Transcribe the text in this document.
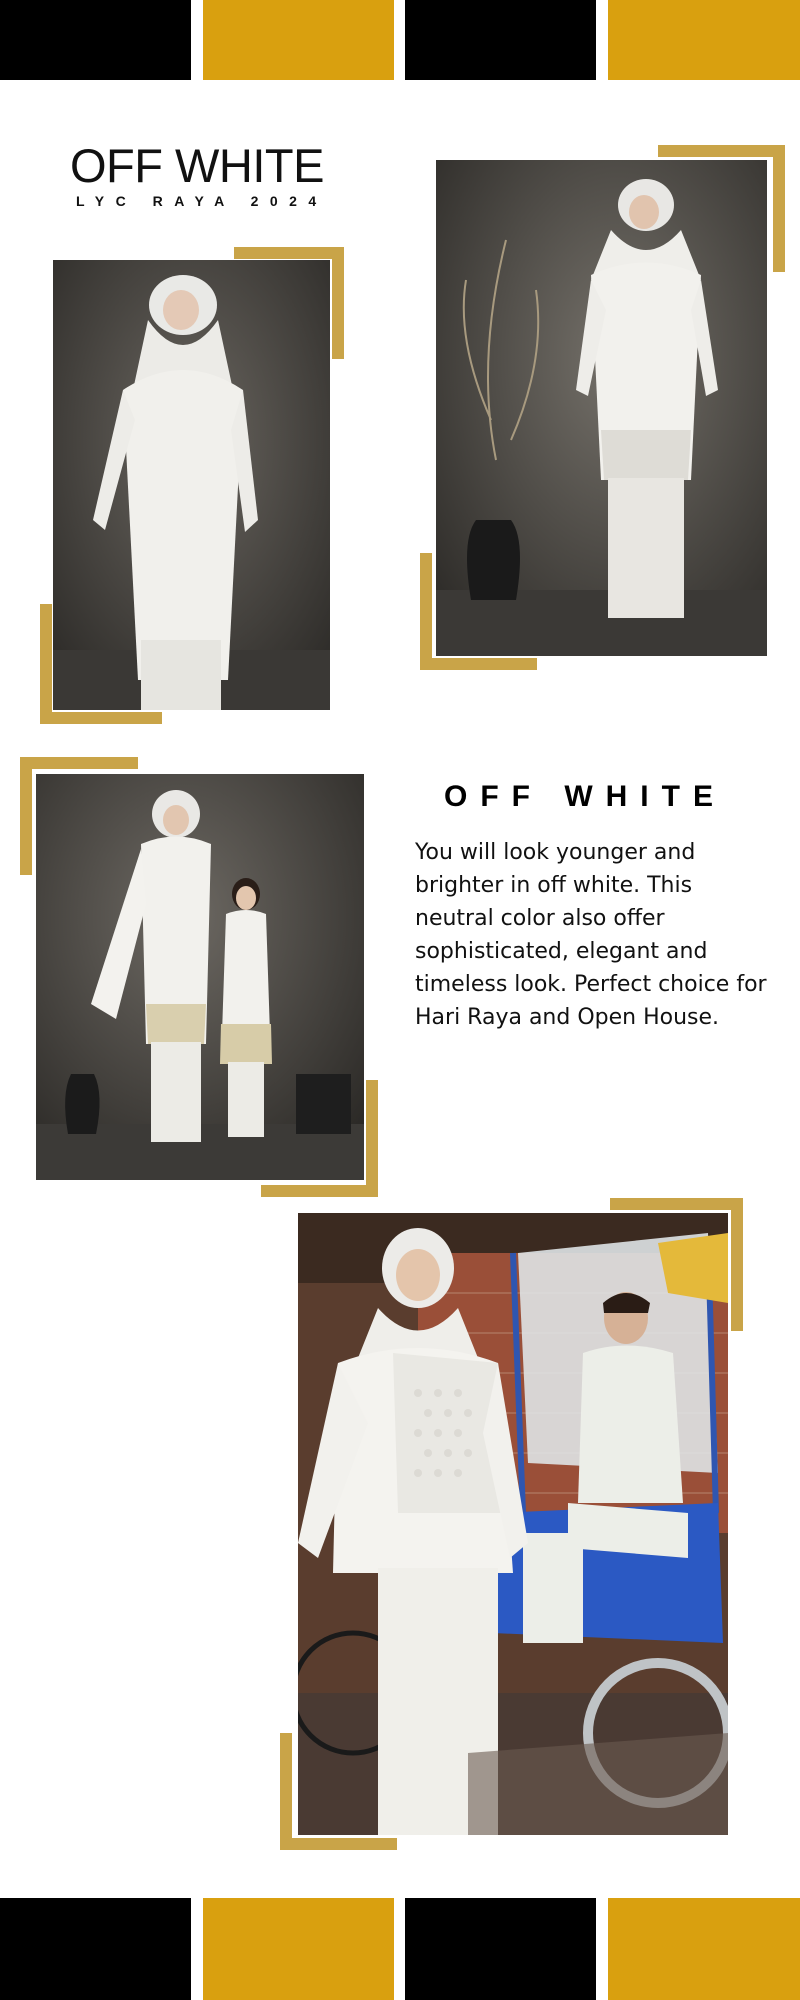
OFF WHITE
LYC RAYA 2024
OFF WHITE
You will look younger and brighter in off white. This neutral color also offer sophisticated, elegant and timeless look. Perfect choice for Hari Raya and Open House.
